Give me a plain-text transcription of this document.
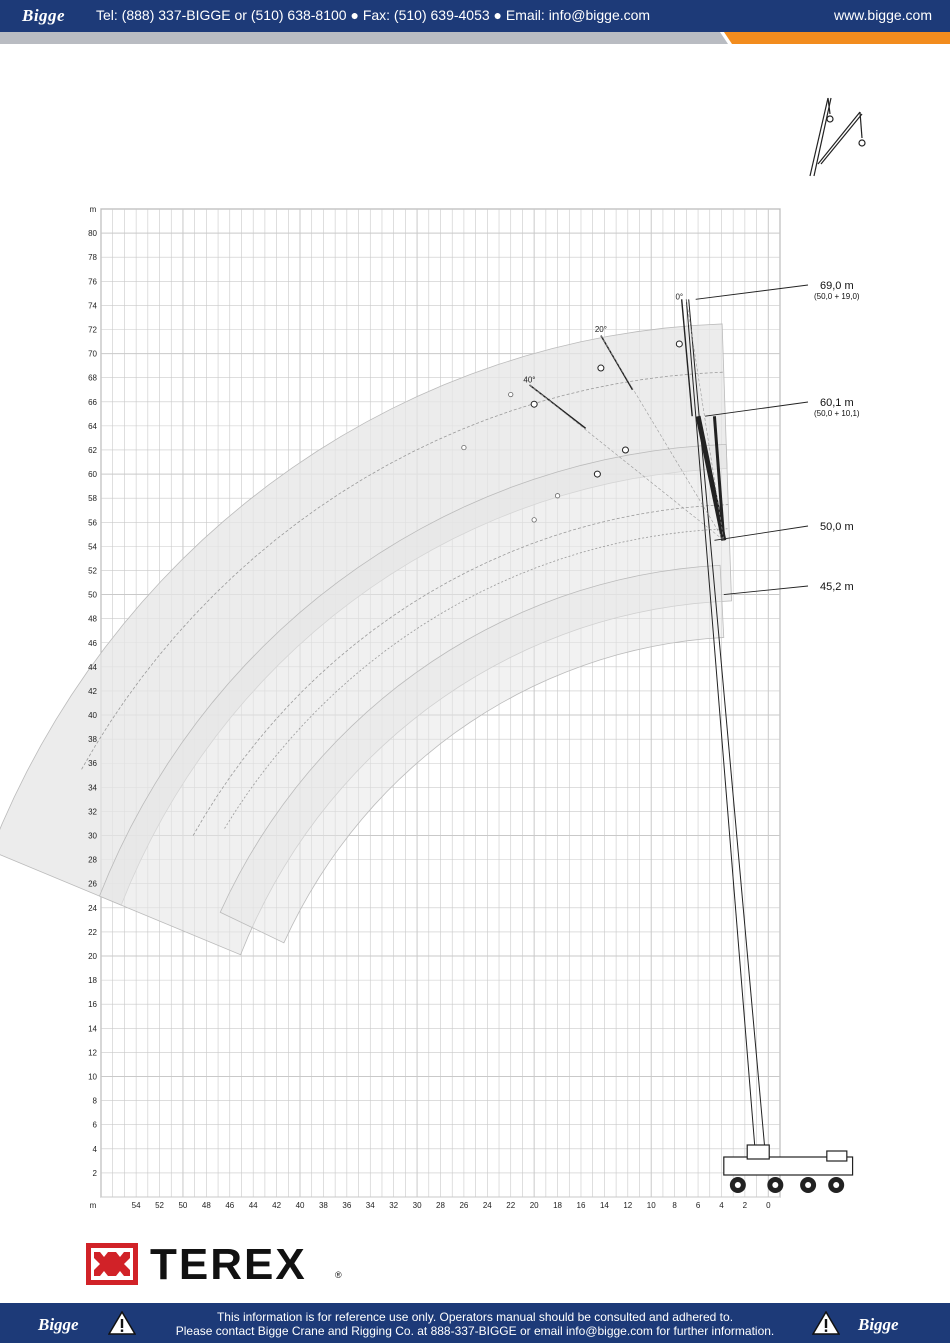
Bigge Tel: (888) 337-BIGGE or (510) 638-8100 ● Fax: (510) 639-4053 ● Email: info@bigge.com	www.bigge.com
2
4
6
8
10
12
14
16
18
20
22
24
26
28
30
32
34
36
38
40
42
44
46
48
50
52
54
56
58
60
62
64
66
68
70
72
74
76
78
80
54 52 50 48 46 44 42 40 38 36 34 32 30 28 26 24 22 20 18 16 14 12 10 8 6 4 2 0
0°
20°
40°
69,0 m
(50,0 + 19,0)
60,1 m
(50,0 + 10,1)
50,0 m
45,2 m
m
m
TEREX	®
Bigge	This information is for reference use only. Operators manual should be consulted and adhered to.
Please contact Bigge Crane and Rigging Co. at 888-337-BIGGE or email info@bigge.com for further information.	Bigge
